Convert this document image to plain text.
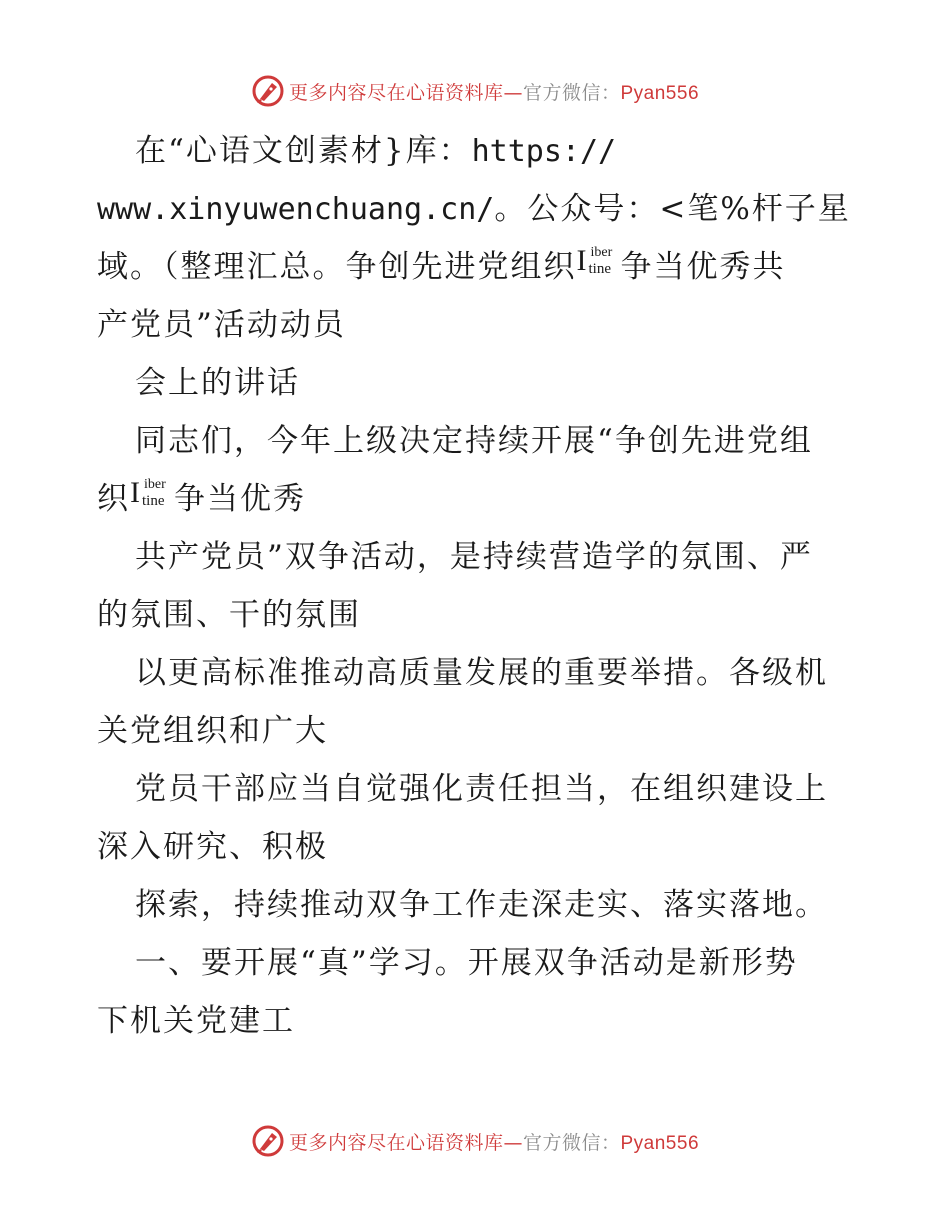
更多内容尽在心语资料库—官方微信：Pyan556
在“心语文创素材}库：https://
www.xinyuwenchuang.cn/。公众号：<笔%杆子星
域。（整理汇总。争创先进党组织 I iber
tine 争当优秀共
产党员”活动动员
会上的讲话
同志们，今年上级决定持续开展“争创先进党组
织 I iber
tine 争当优秀
共产党员”双争活动，是持续营造学的氛围、严
的氛围、干的氛围
以更高标准推动高质量发展的重要举措。各级机
关党组织和广大
党员干部应当自觉强化责任担当，在组织建设上
深入研究、积极
探索，持续推动双争工作走深走实、落实落地。
一、要开展“真”学习。开展双争活动是新形势
下机关党建工
更多内容尽在心语资料库—官方微信：Pyan556
